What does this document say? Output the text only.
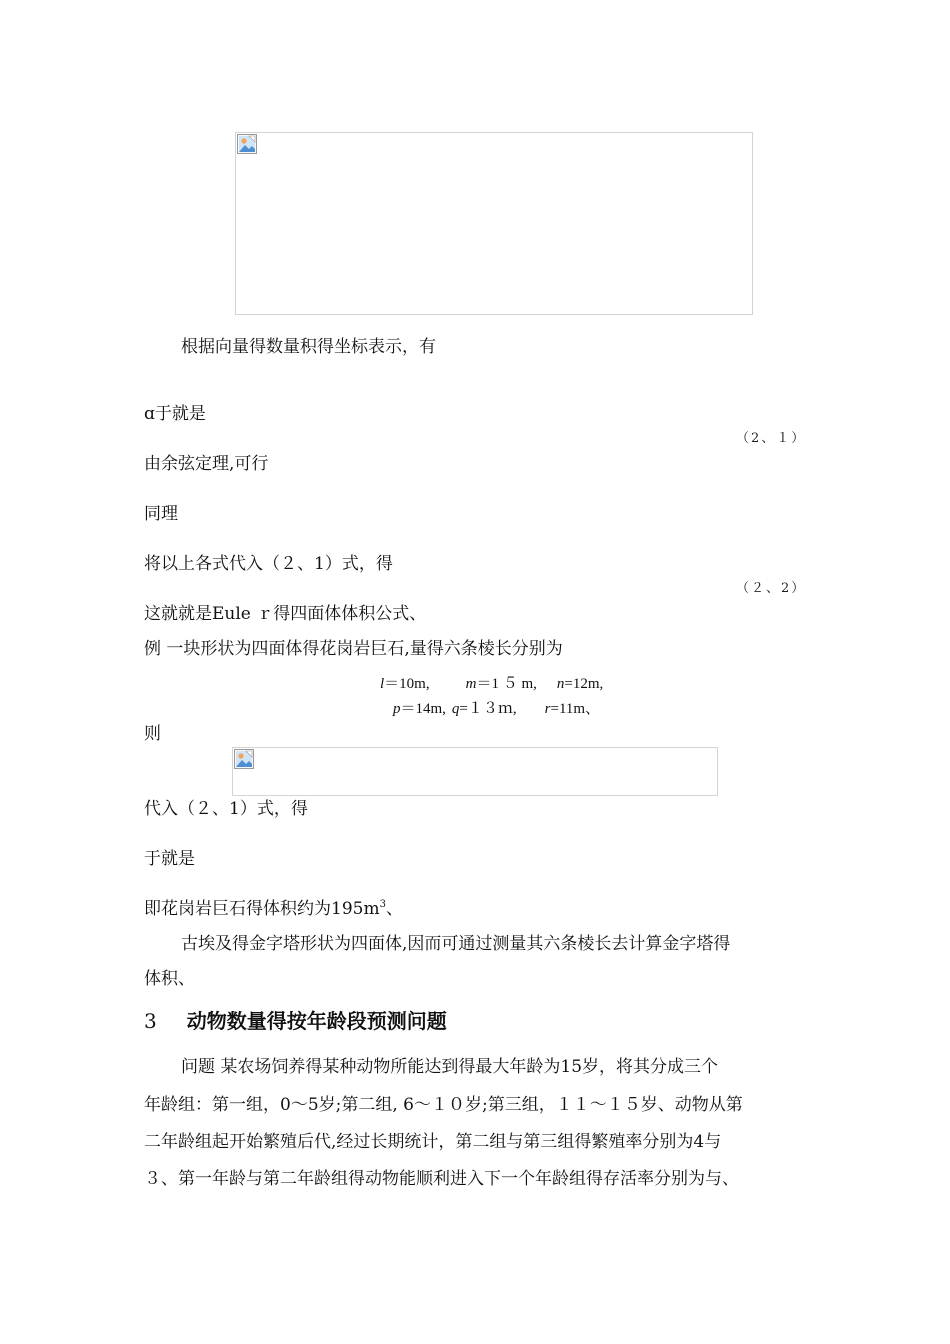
根据向量得数量积得坐标表示，有
ɑ于就是
（2、１）
由余弦定理,可行
同理
将以上各式代入（２、1）式，得
（２、2）
这就就是Eule ｒ得四面体体积公式、
例 一块形状为四面体得花岗岩巨石,量得六条棱长分别为
l＝10m, m＝1 ５ m, n=12m,
p＝14m, q=１３ｍ, r=11m、
则
代入（２、1）式，得
于就是
即花岗岩巨石得体积约为$195m^3$、
古埃及得金字塔形状为四面体,因而可通过测量其六条棱长去计算金字塔得
体积、
3 动物数量得按年龄段预测问题
问题 某农场饲养得某种动物所能达到得最大年龄为15岁，将其分成三个
年龄组：第一组，0～5岁;第二组, 6～１０岁;第三组，１１～１５岁、动物从第
二年龄组起开始繁殖后代,经过长期统计，第二组与第三组得繁殖率分别为4与
３、第一年龄与第二年龄组得动物能顺利进入下一个年龄组得存活率分别为与、
